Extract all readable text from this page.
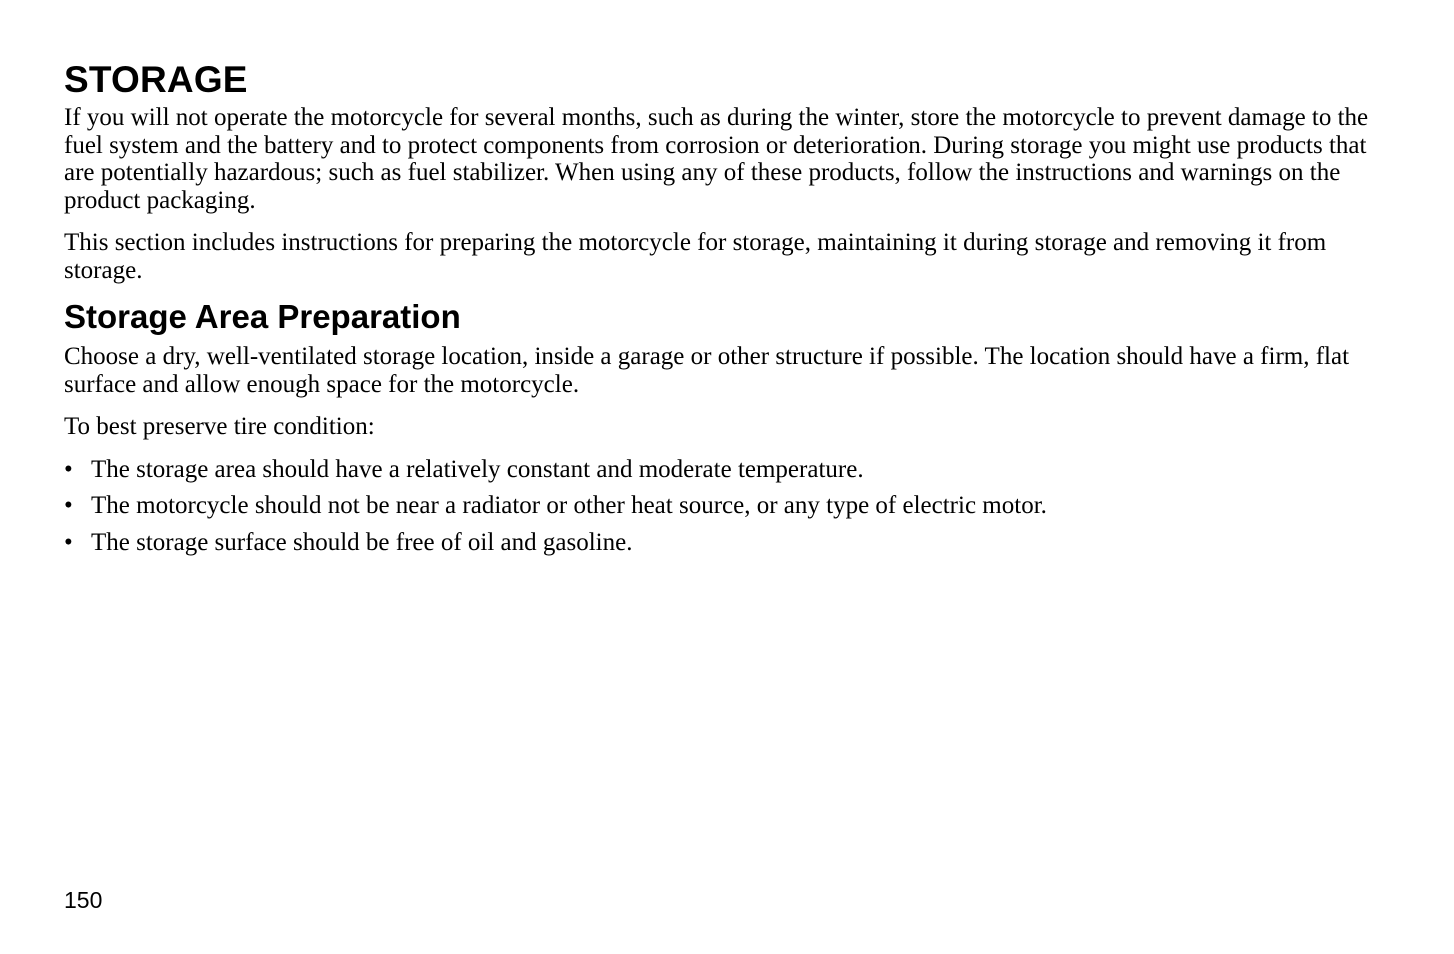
STORAGE

If you will not operate the motorcycle for several months, such as during the winter, store the motorcycle to prevent damage to the fuel system and the battery and to protect components from corrosion or deterioration. During storage you might use products that are potentially hazardous; such as fuel stabilizer. When using any of these products, follow the instructions and warnings on the product packaging.

This section includes instructions for preparing the motorcycle for storage, maintaining it during storage and removing it from storage.

Storage Area Preparation

Choose a dry, well-ventilated storage location, inside a garage or other structure if possible. The location should have a firm, flat surface and allow enough space for the motorcycle.

To best preserve tire condition:

• The storage area should have a relatively constant and moderate temperature.
• The motorcycle should not be near a radiator or other heat source, or any type of electric motor.
• The storage surface should be free of oil and gasoline.
150
